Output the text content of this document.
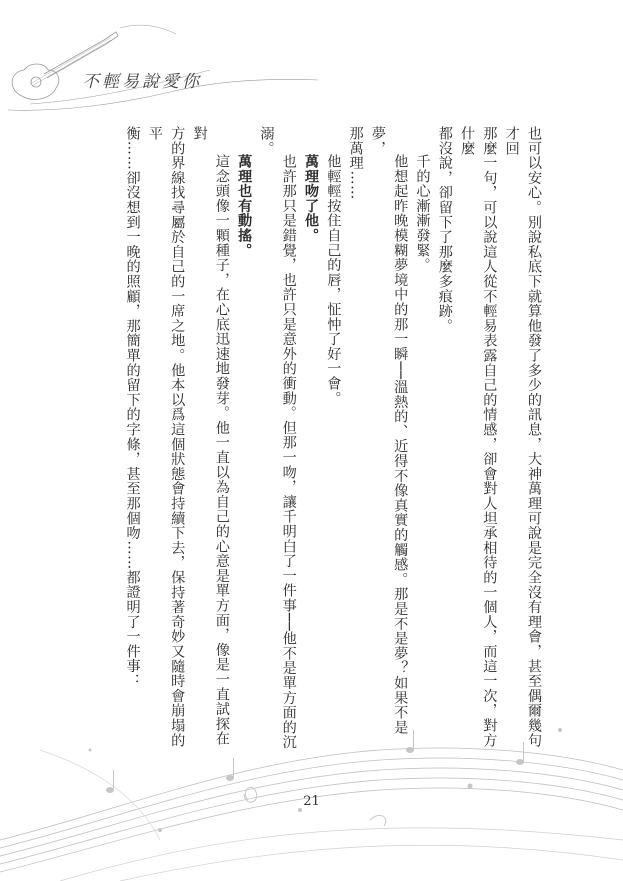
不輕易說愛你

也可以安心。別說私底下就算他發了多少的訊息，大神萬理可說是完全沒有理會，甚至偶爾幾句才回

那麼一句，可以說這人從不輕易表露自己的情感，卻會對人坦承相待的一個人，而這一次，對方什麼

都沒說，卻留下了那麼多痕跡。

千的心漸漸發緊。

他想起昨晚模糊夢境中的那一瞬──溫熱的、近得不像真實的觸感。那是不是夢？如果不是夢，

那萬理……

他輕輕按住自己的唇，怔忡了好一會。

萬理吻了他。

也許那只是錯覺，也許只是意外的衝動。但那一吻，讓千明白了一件事──他不是單方面的沉溺。

萬理也有動搖。

這念頭像一顆種子，在心底迅速地發芽。他一直以為自己的心意是單方面，像是一直試探在對

方的界線找尋屬於自己的一席之地。他本以爲這個狀態會持續下去，保持著奇妙又隨時會崩塌的平

衡……卻沒想到一晚的照顧，那簡單的留下的字條，甚至那個吻……都證明了一件事：

21
